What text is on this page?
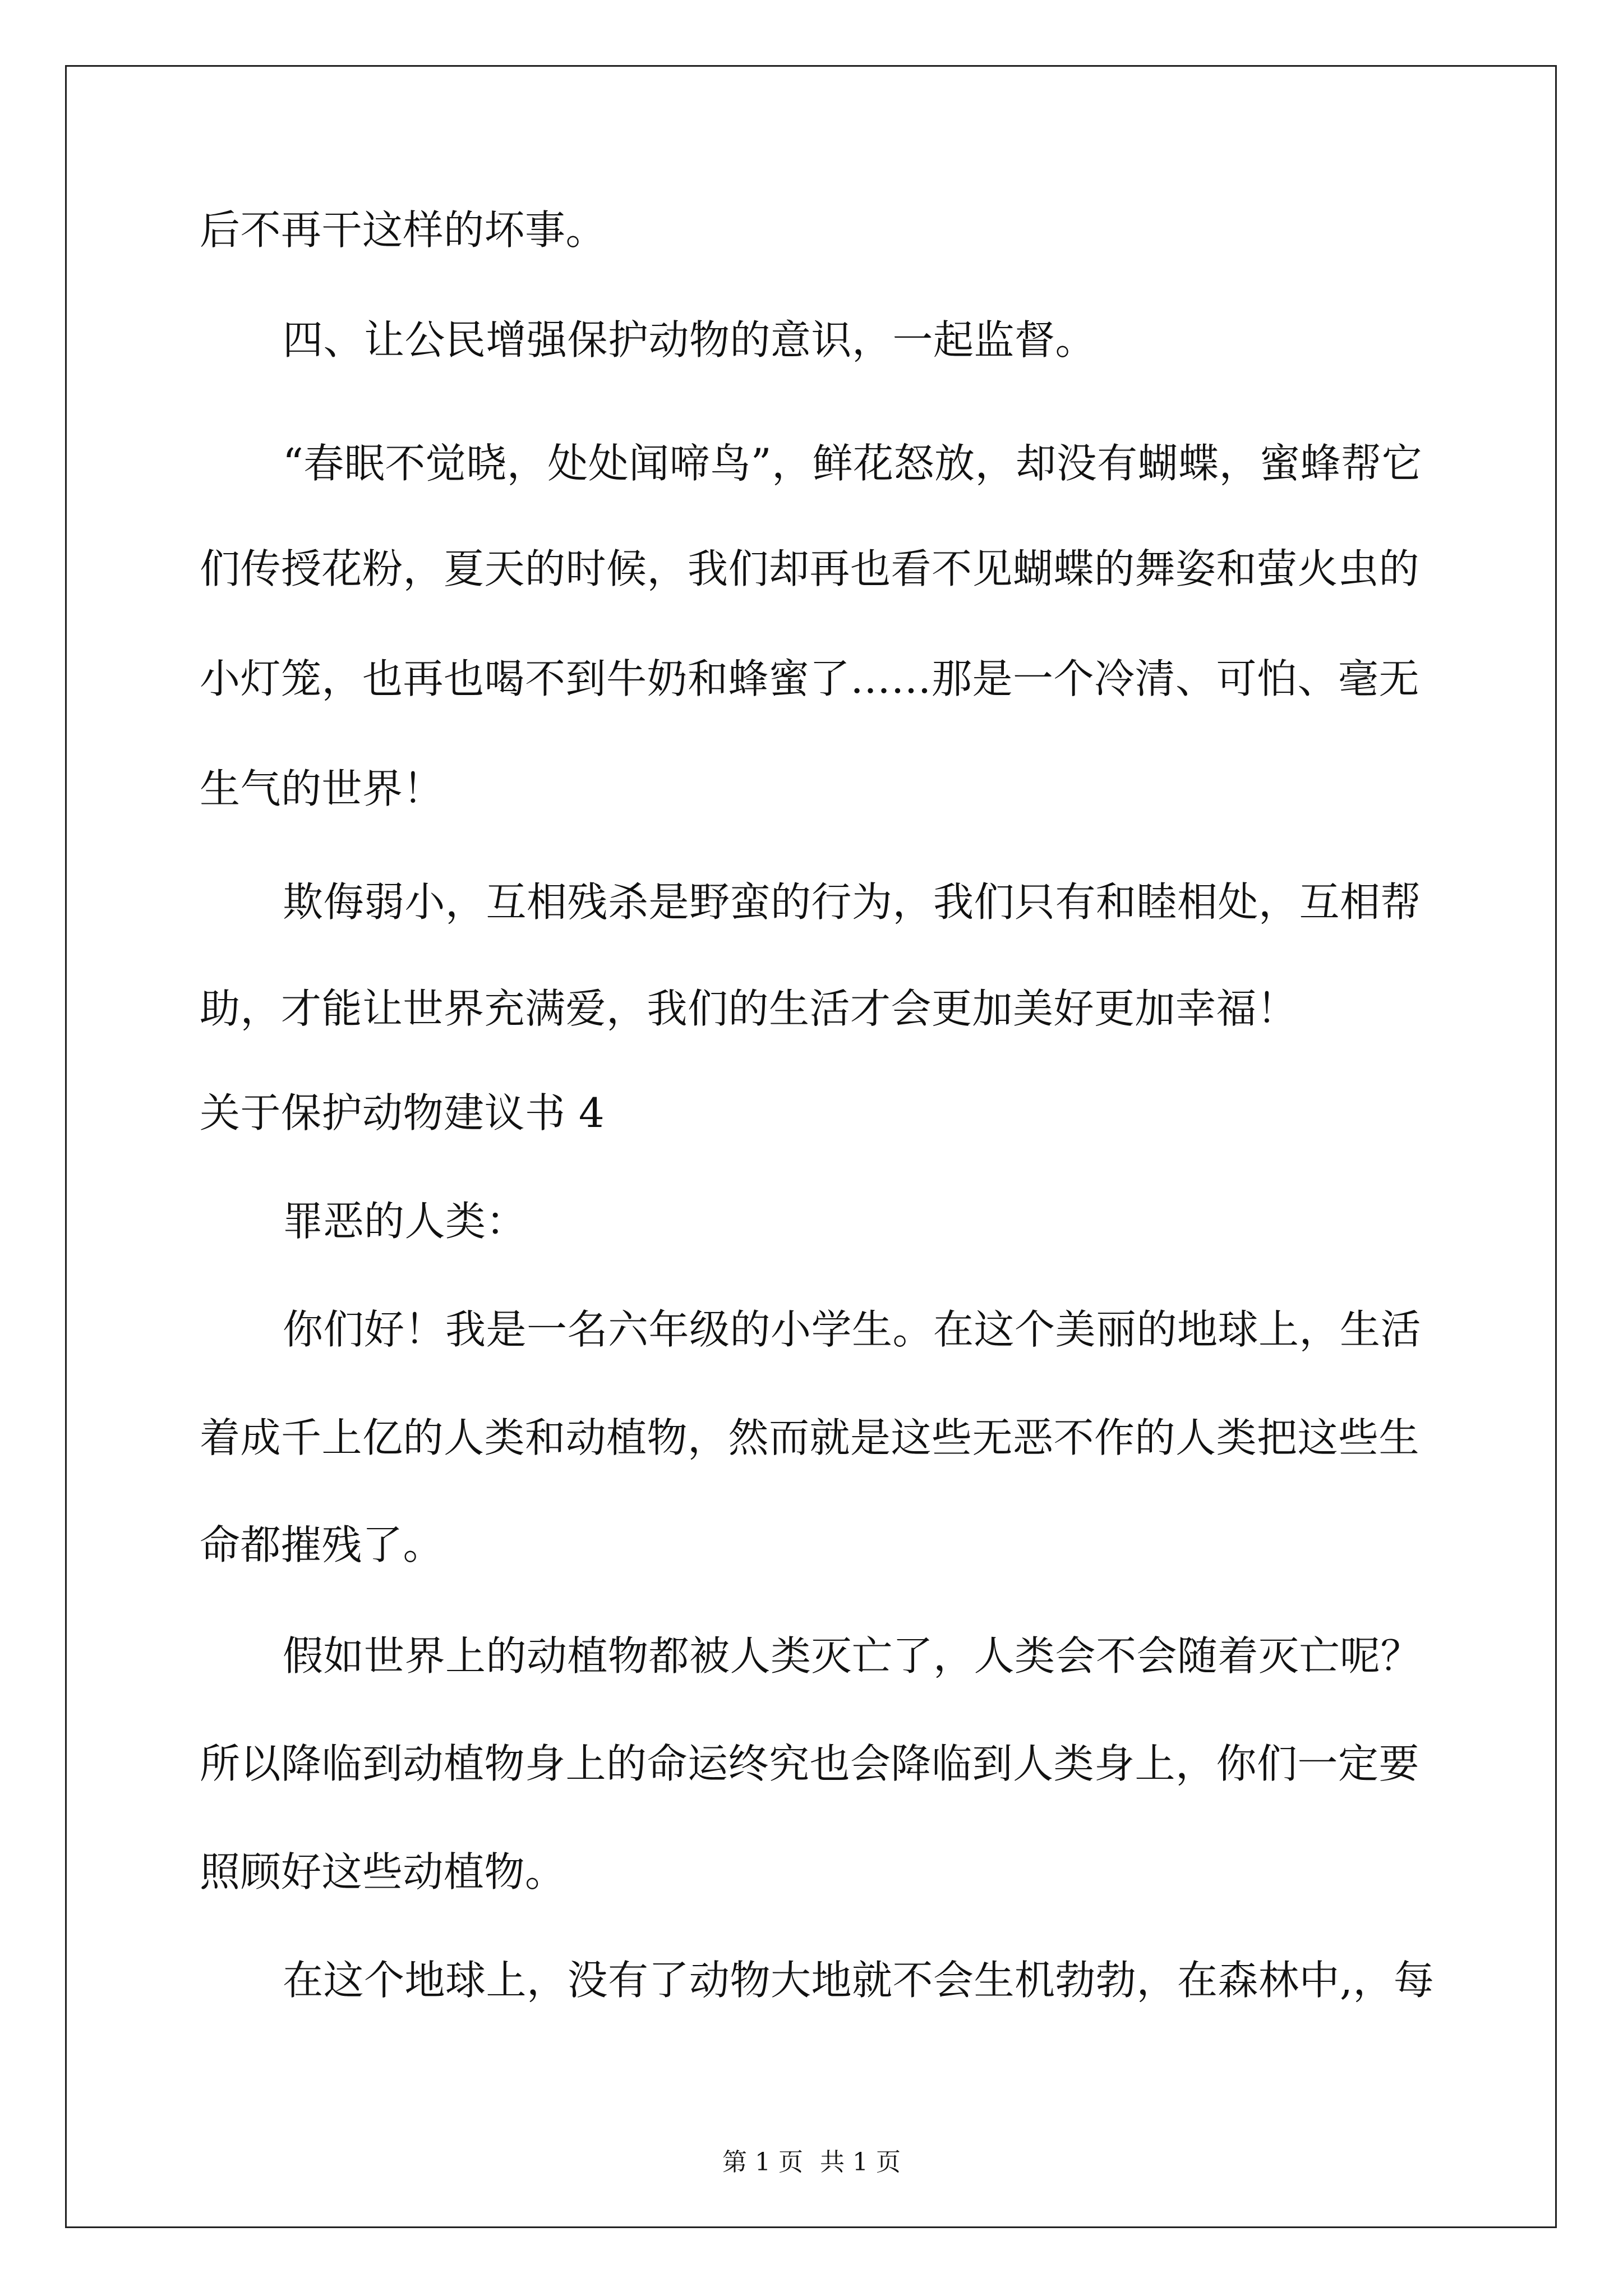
后不再干这样的坏事。
四、让公民增强保护动物的意识，一起监督。
“春眠不觉晓，处处闻啼鸟”，鲜花怒放，却没有蝴蝶，蜜蜂帮它
们传授花粉，夏天的时候，我们却再也看不见蝴蝶的舞姿和萤火虫的
小灯笼，也再也喝不到牛奶和蜂蜜了……那是一个冷清、可怕、毫无
生气的世界！
欺侮弱小，互相残杀是野蛮的行为，我们只有和睦相处，互相帮
助，才能让世界充满爱，我们的生活才会更加美好更加幸福！
关于保护动物建议书 4
罪恶的人类：
你们好！我是一名六年级的小学生。在这个美丽的地球上，生活
着成千上亿的人类和动植物，然而就是这些无恶不作的人类把这些生
命都摧残了。
假如世界上的动植物都被人类灭亡了，人类会不会随着灭亡呢？
所以降临到动植物身上的命运终究也会降临到人类身上，你们一定要
照顾好这些动植物。
在这个地球上，没有了动物大地就不会生机勃勃，在森林中,，每
第 1 页 共 1 页
